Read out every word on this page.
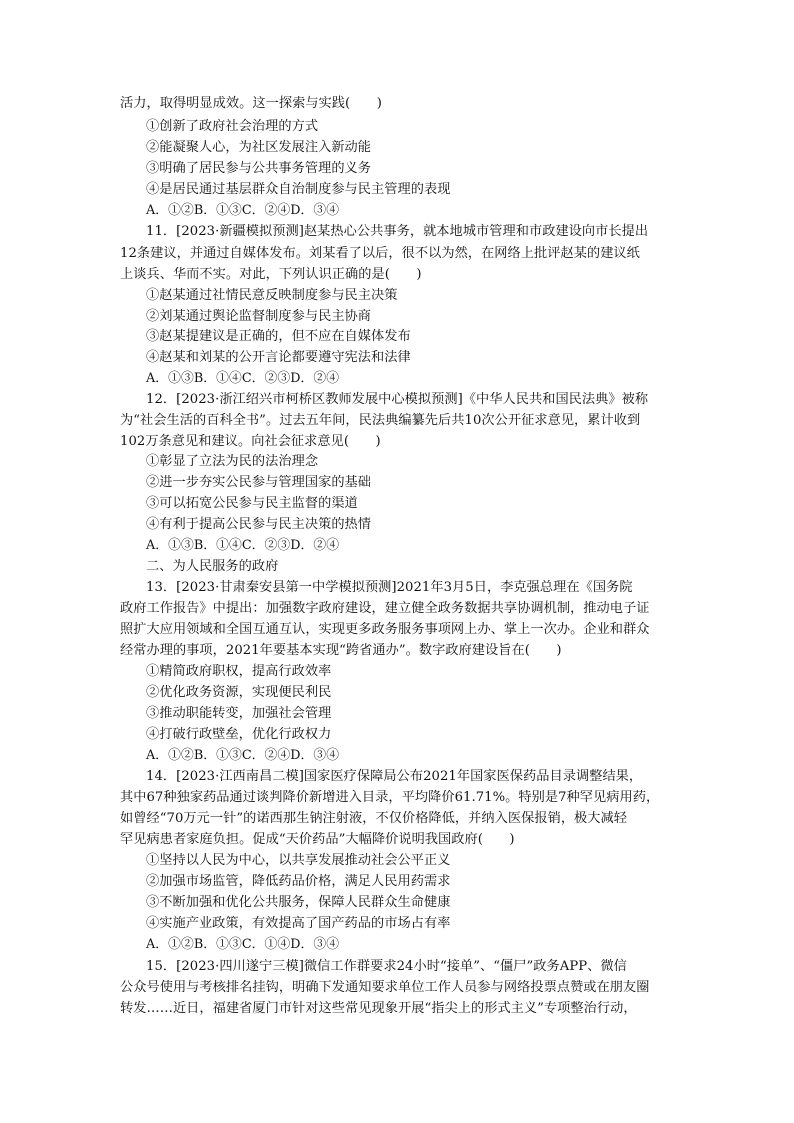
活力，取得明显成效。这一探索与实践(　　)
①创新了政府社会治理的方式
②能凝聚人心，为社区发展注入新动能
③明确了居民参与公共事务管理的义务
④是居民通过基层群众自治制度参与民主管理的表现
A．①②B．①③C．②④D．③④
11．[2023·新疆模拟预测]赵某热心公共事务，就本地城市管理和市政建设向市长提出
12条建议，并通过自媒体发布。刘某看了以后，很不以为然，在网络上批评赵某的建议纸
上谈兵、华而不实。对此，下列认识正确的是(　　)
①赵某通过社情民意反映制度参与民主决策
②刘某通过舆论监督制度参与民主协商
③赵某提建议是正确的，但不应在自媒体发布
④赵某和刘某的公开言论都要遵守宪法和法律
A．①③B．①④C．②③D．②④
12．[2023·浙江绍兴市柯桥区教师发展中心模拟预测]《中华人民共和国民法典》被称
为“社会生活的百科全书”。过去五年间，民法典编纂先后共10次公开征求意见，累计收到
102万条意见和建议。向社会征求意见(　　)
①彰显了立法为民的法治理念
②进一步夯实公民参与管理国家的基础
③可以拓宽公民参与民主监督的渠道
④有利于提高公民参与民主决策的热情
A．①③B．①④C．②③D．②④
二、为人民服务的政府
13．[2023·甘肃秦安县第一中学模拟预测]2021年3月5日，李克强总理在《国务院
政府工作报告》中提出：加强数字政府建设，建立健全政务数据共享协调机制，推动电子证
照扩大应用领域和全国互通互认，实现更多政务服务事项网上办、掌上一次办。企业和群众
经常办理的事项，2021年要基本实现“跨省通办”。数字政府建设旨在(　　)
①精简政府职权，提高行政效率
②优化政务资源，实现便民利民
③推动职能转变，加强社会管理
④打破行政壁垒，优化行政权力
A．①②B．①③C．②④D．③④
14．[2023·江西南昌二模]国家医疗保障局公布2021年国家医保药品目录调整结果，
其中67种独家药品通过谈判降价新增进入目录，平均降价61.71%。特别是7种罕见病用药，
如曾经“70万元一针”的诺西那生钠注射液，不仅价格降低，并纳入医保报销，极大减轻
罕见病患者家庭负担。促成“天价药品”大幅降价说明我国政府(　　)
①坚持以人民为中心，以共享发展推动社会公平正义
②加强市场监管，降低药品价格，满足人民用药需求
③不断加强和优化公共服务，保障人民群众生命健康
④实施产业政策，有效提高了国产药品的市场占有率
A．①②B．①③C．①④D．③④
15．[2023·四川遂宁三模]微信工作群要求24小时“接单”、“僵尸”政务APP、微信
公众号使用与考核排名挂钩，明确下发通知要求单位工作人员参与网络投票点赞或在朋友圈
转发……近日，福建省厦门市针对这些常见现象开展“指尖上的形式主义”专项整治行动，
